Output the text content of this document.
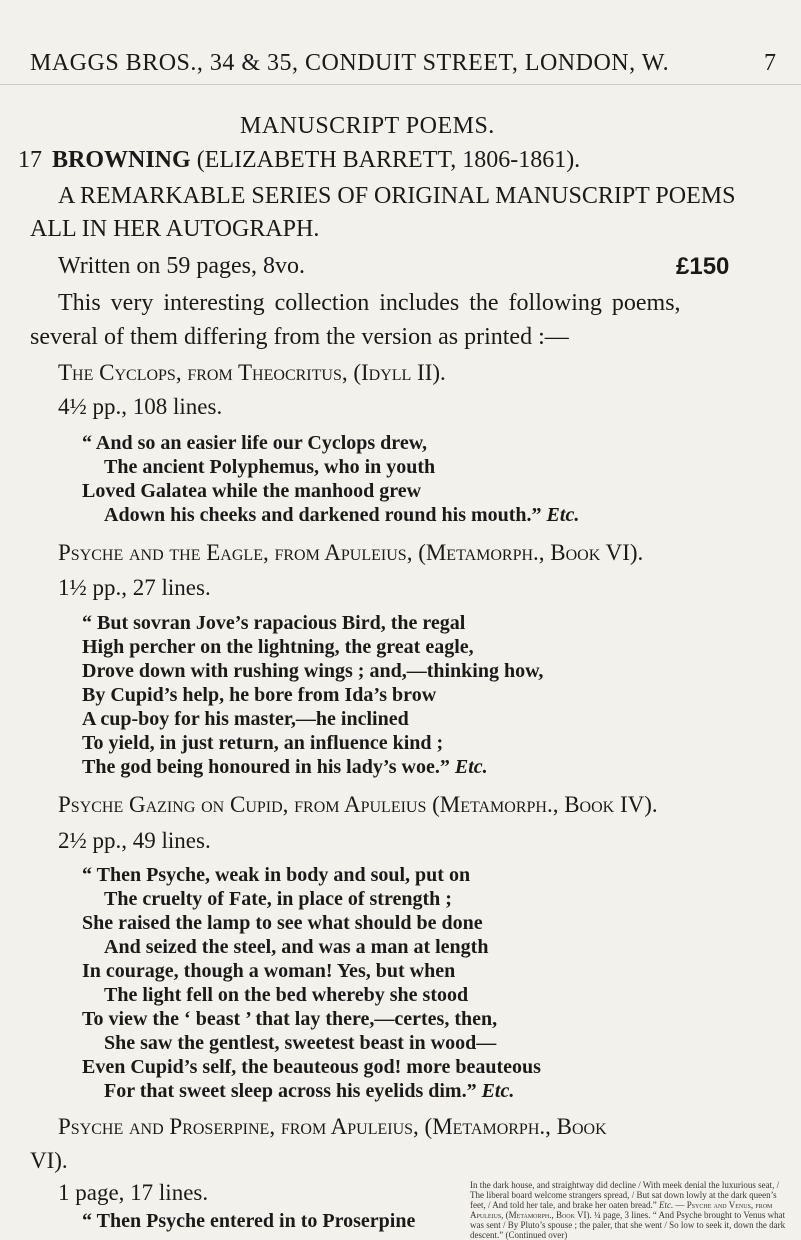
MAGGS BROS., 34 & 35, CONDUIT STREET, LONDON, W.	7
MANUSCRIPT POEMS.
17 BROWNING (ELIZABETH BARRETT, 1806-1861).
A REMARKABLE SERIES OF ORIGINAL MANUSCRIPT POEMS
ALL IN HER AUTOGRAPH.
Written on 59 pages, 8vo.	£150
This very interesting collection includes the following poems,
several of them differing from the version as printed :—
The Cyclops, from Theocritus, (Idyll II).
4½ pp., 108 lines.
“ And so an easier life our Cyclops drew,
The ancient Polyphemus, who in youth
Loved Galatea while the manhood grew
Adown his cheeks and darkened round his mouth.” Etc.
Psyche and the Eagle, from Apuleius, (Metamorph., Book VI).
1½ pp., 27 lines.
“ But sovran Jove’s rapacious Bird, the regal
High percher on the lightning, the great eagle,
Drove down with rushing wings ; and,—thinking how,
By Cupid’s help, he bore from Ida’s brow
A cup-boy for his master,—he inclined
To yield, in just return, an influence kind ;
The god being honoured in his lady’s woe.” Etc.
Psyche Gazing on Cupid, from Apuleius (Metamorph., Book IV).
2½ pp., 49 lines.
“ Then Psyche, weak in body and soul, put on
The cruelty of Fate, in place of strength ;
She raised the lamp to see what should be done
And seized the steel, and was a man at length
In courage, though a woman! Yes, but when
The light fell on the bed whereby she stood
To view the ‘ beast ’ that lay there,—certes, then,
She saw the gentlest, sweetest beast in wood—
Even Cupid’s self, the beauteous god! more beauteous
For that sweet sleep across his eyelids dim.” Etc.
Psyche and Proserpine, from Apuleius, (Metamorph., Book
VI).
1 page, 17 lines.
“ Then Psyche entered in to Proserpine
In the dark house, and straightway did decline / With meek denial the luxurious seat, / The liberal board welcome strangers spread, / But sat down lowly at the dark queen’s feet, / And told her tale, and brake her oaten bread.” Etc. — Psyche and Venus, from Apuleius, (Metamorph., Book VI). ¼ page, 3 lines. “ And Psyche brought to Venus what was sent / By Pluto’s spouse ; the paler, that she went / So low to seek it, down the dark descent.” (Continued over)
